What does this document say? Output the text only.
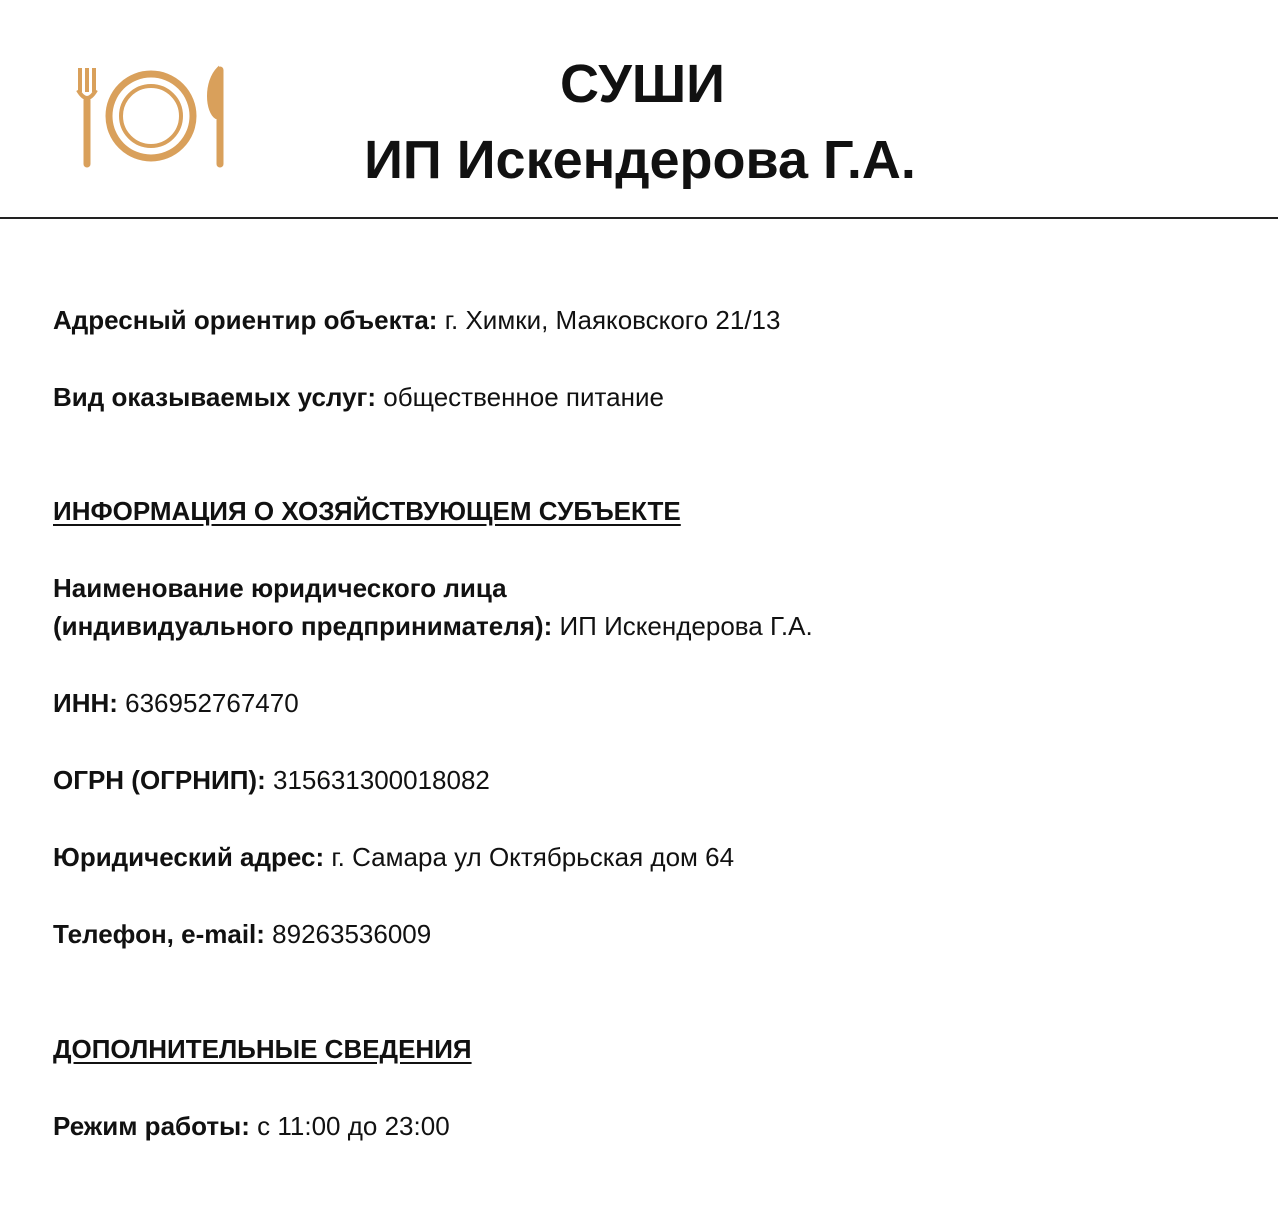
СУШИ
ИП Искендерова Г.А.
Адресный ориентир объекта: г. Химки, Маяковского 21/13
Вид оказываемых услуг: общественное питание
ИНФОРМАЦИЯ О ХОЗЯЙСТВУЮЩЕМ СУБЪЕКТЕ
Наименование юридического лица
(индивидуального предпринимателя): ИП Искендерова Г.А.
ИНН: 636952767470
ОГРН (ОГРНИП): 315631300018082
Юридический адрес: г. Самара ул Октябрьская дом 64
Телефон, e-mail: 89263536009
ДОПОЛНИТЕЛЬНЫЕ СВЕДЕНИЯ
Режим работы: с 11:00 до 23:00
